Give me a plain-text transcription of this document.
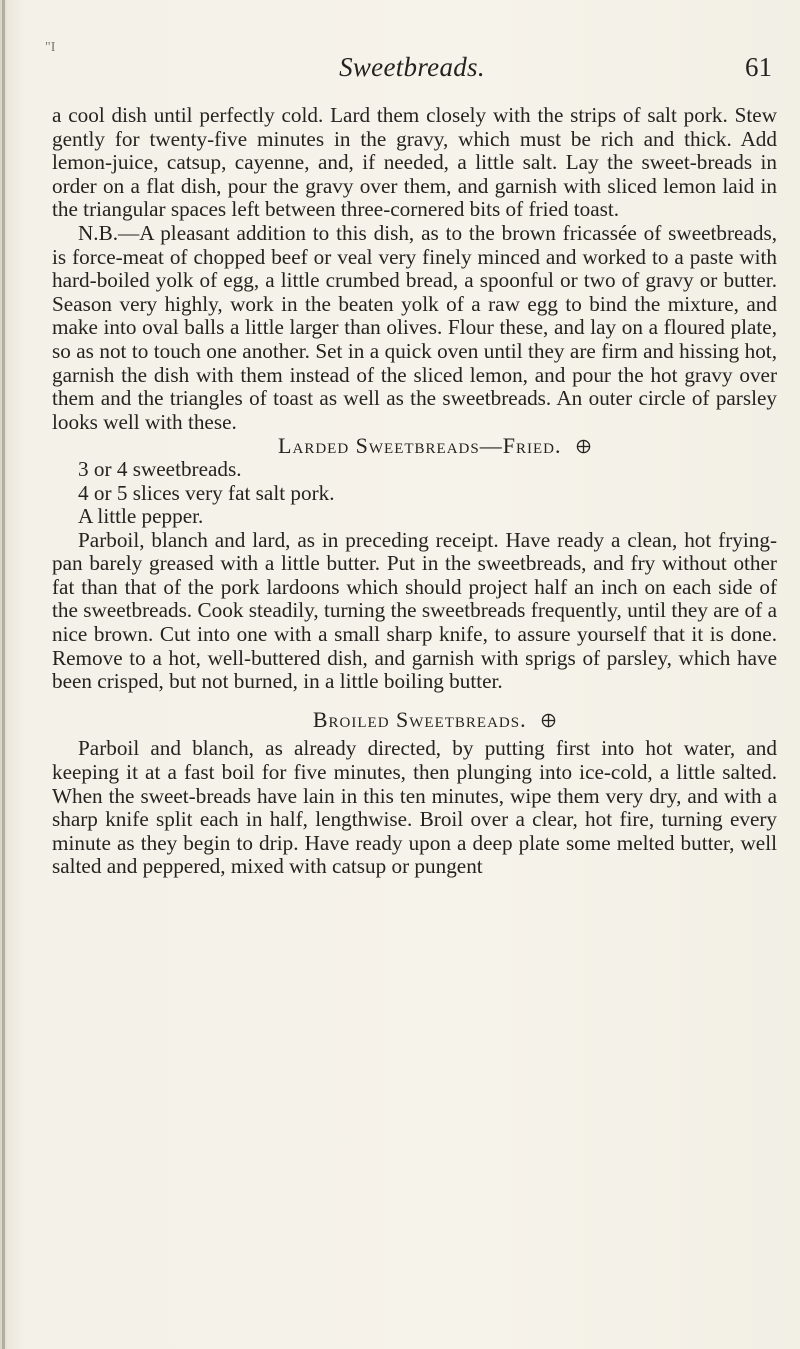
"I
Sweetbreads.	61

a cool dish until perfectly cold. Lard them closely with the strips of salt pork. Stew gently for twenty-five minutes in the gravy, which must be rich and thick. Add lemon-juice, catsup, cayenne, and, if needed, a little salt. Lay the sweet-breads in order on a flat dish, pour the gravy over them, and garnish with sliced lemon laid in the triangular spaces left between three-cornered bits of fried toast.

N.B.—A pleasant addition to this dish, as to the brown fricassée of sweetbreads, is force-meat of chopped beef or veal very finely minced and worked to a paste with hard-boiled yolk of egg, a little crumbed bread, a spoonful or two of gravy or butter. Season very highly, work in the beaten yolk of a raw egg to bind the mixture, and make into oval balls a little larger than olives. Flour these, and lay on a floured plate, so as not to touch one another. Set in a quick oven until they are firm and hissing hot, garnish the dish with them instead of the sliced lemon, and pour the hot gravy over them and the triangles of toast as well as the sweetbreads. An outer circle of parsley looks well with these.

Larded Sweetbreads—Fried.

3 or 4 sweetbreads.

4 or 5 slices very fat salt pork.

A little pepper.

Parboil, blanch and lard, as in preceding receipt. Have ready a clean, hot frying-pan barely greased with a little butter. Put in the sweetbreads, and fry without other fat than that of the pork lardoons which should project half an inch on each side of the sweetbreads. Cook steadily, turning the sweetbreads frequently, until they are of a nice brown. Cut into one with a small sharp knife, to assure yourself that it is done. Remove to a hot, well-buttered dish, and garnish with sprigs of parsley, which have been crisped, but not burned, in a little boiling butter.

Broiled Sweetbreads.

Parboil and blanch, as already directed, by putting first into hot water, and keeping it at a fast boil for five minutes, then plunging into ice-cold, a little salted. When the sweet-breads have lain in this ten minutes, wipe them very dry, and with a sharp knife split each in half, lengthwise. Broil over a clear, hot fire, turning every minute as they begin to drip. Have ready upon a deep plate some melted butter, well salted and peppered, mixed with catsup or pungent
